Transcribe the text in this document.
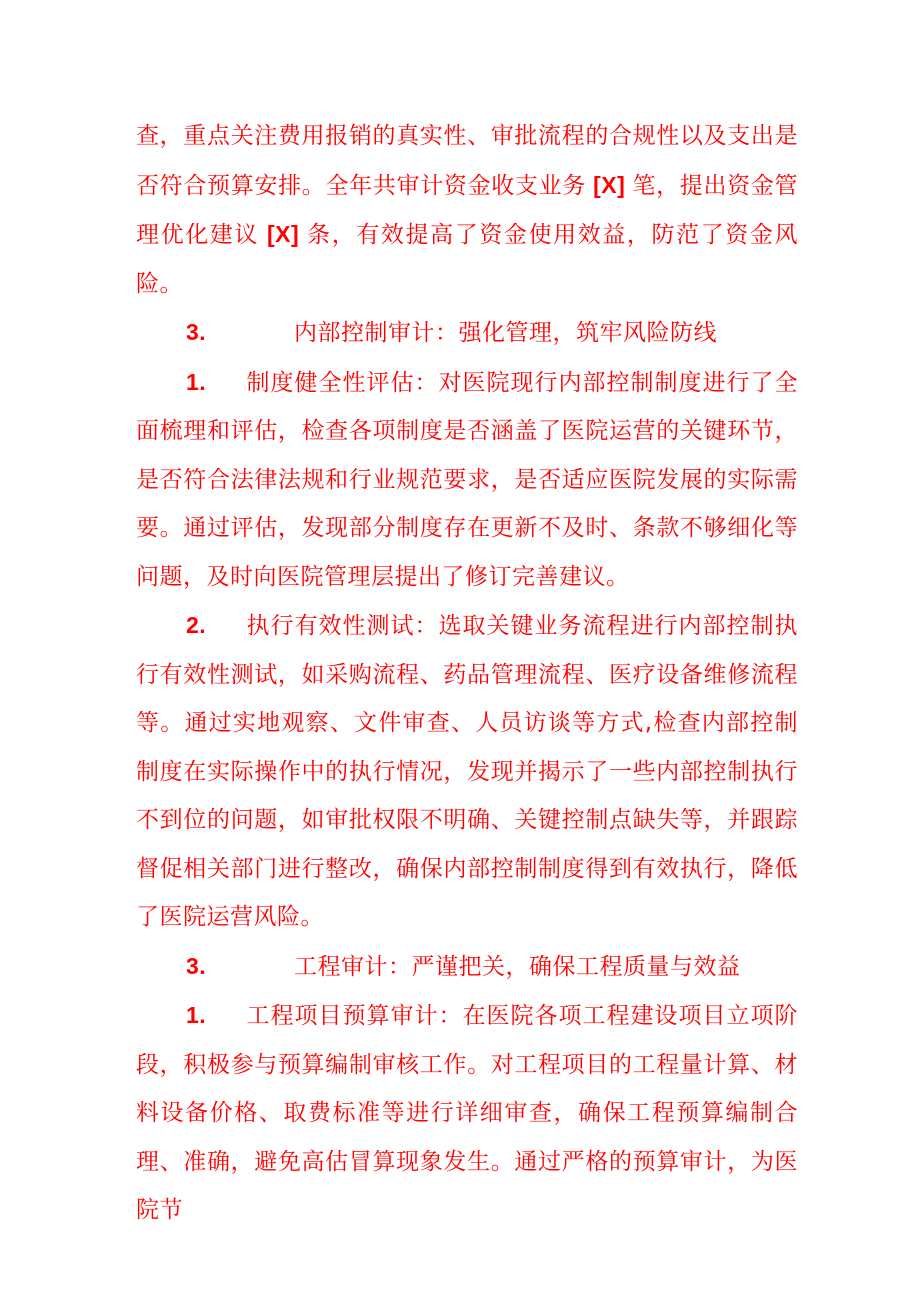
查，重点关注费用报销的真实性、审批流程的合规性以及支出是否符合预算安排。全年共审计资金收支业务 [X] 笔，提出资金管理优化建议 [X] 条，有效提高了资金使用效益，防范了资金风险。

3.	内部控制审计：强化管理，筑牢风险防线

1. 制度健全性评估：对医院现行内部控制制度进行了全面梳理和评估，检查各项制度是否涵盖了医院运营的关键环节，是否符合法律法规和行业规范要求，是否适应医院发展的实际需要。通过评估，发现部分制度存在更新不及时、条款不够细化等问题，及时向医院管理层提出了修订完善建议。

2. 执行有效性测试：选取关键业务流程进行内部控制执行有效性测试，如采购流程、药品管理流程、医疗设备维修流程等。通过实地观察、文件审查、人员访谈等方式,检查内部控制制度在实际操作中的执行情况，发现并揭示了一些内部控制执行不到位的问题，如审批权限不明确、关键控制点缺失等，并跟踪督促相关部门进行整改，确保内部控制制度得到有效执行，降低了医院运营风险。

3.	工程审计：严谨把关，确保工程质量与效益

1. 工程项目预算审计：在医院各项工程建设项目立项阶段，积极参与预算编制审核工作。对工程项目的工程量计算、材料设备价格、取费标准等进行详细审查，确保工程预算编制合理、准确，避免高估冒算现象发生。通过严格的预算审计，为医院节
